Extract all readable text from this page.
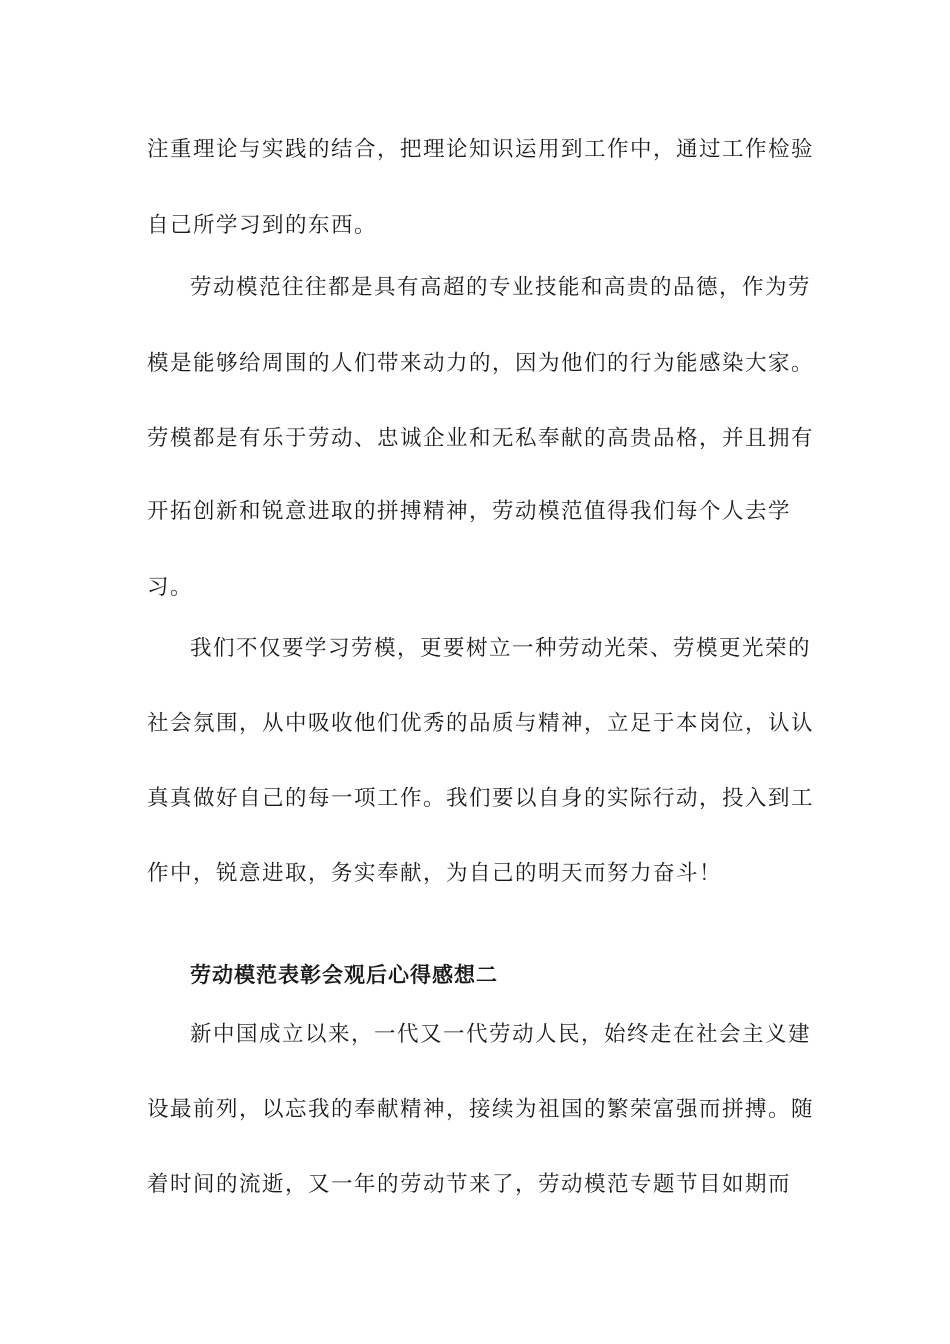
注重理论与实践的结合，把理论知识运用到工作中，通过工作检验
自己所学习到的东西。
劳动模范往往都是具有高超的专业技能和高贵的品德，作为劳
模是能够给周围的人们带来动力的，因为他们的行为能感染大家。
劳模都是有乐于劳动、忠诚企业和无私奉献的高贵品格，并且拥有
开拓创新和锐意进取的拼搏精神，劳动模范值得我们每个人去学
习。
我们不仅要学习劳模，更要树立一种劳动光荣、劳模更光荣的
社会氛围，从中吸收他们优秀的品质与精神，立足于本岗位，认认
真真做好自己的每一项工作。我们要以自身的实际行动，投入到工
作中，锐意进取，务实奉献，为自己的明天而努力奋斗！
劳动模范表彰会观后心得感想二
新中国成立以来，一代又一代劳动人民，始终走在社会主义建
设最前列，以忘我的奉献精神，接续为祖国的繁荣富强而拼搏。随
着时间的流逝，又一年的劳动节来了，劳动模范专题节目如期而
